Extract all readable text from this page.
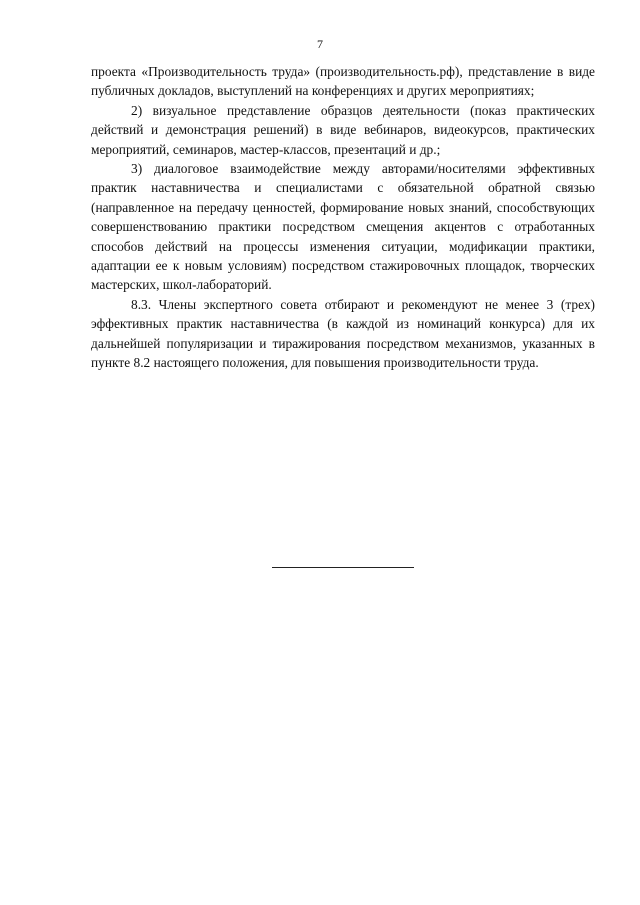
7

проекта «Производительность труда» (производительность.рф), представление в виде публичных докладов, выступлений на конференциях и других мероприятиях;

2) визуальное представление образцов деятельности (показ практических действий и демонстрация решений) в виде вебинаров, видеокурсов, практических мероприятий, семинаров, мастер-классов, презентаций и др.;

3) диалоговое взаимодействие между авторами/носителями эффективных практик наставничества и специалистами с обязательной обратной связью (направленное на передачу ценностей, формирование новых знаний, способствующих совершенствованию практики посредством смещения акцентов с отработанных способов действий на процессы изменения ситуации, модификации практики, адаптации ее к новым условиям) посредством стажировочных площадок, творческих мастерских, школ-лабораторий.

8.3. Члены экспертного совета отбирают и рекомендуют не менее 3 (трех) эффективных практик наставничества (в каждой из номинаций конкурса) для их дальнейшей популяризации и тиражирования посредством механизмов, указанных в пункте 8.2 настоящего положения, для повышения производительности труда.
